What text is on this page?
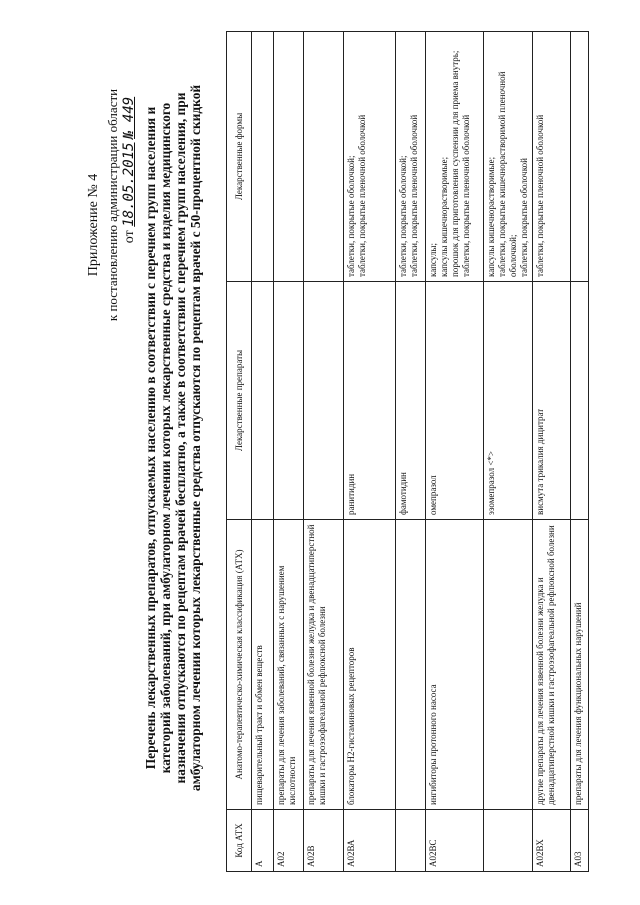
Приложение № 4 к постановлению администрации области от 18.05.2015 № 449 Перечень лекарственных препаратов, отпускаемых населению в соответствии с перечнем групп населения и категорий заболеваний, при амбулаторном лечении которых лекарственные средства и изделия медицинского назначения отпускаются по рецептам врачей бесплатно, а также в соответствии с перечнем групп населения, при амбулаторном лечении которых лекарственные средства отпускаются по рецептам врачей с 50-процентной скидкой
Код АТХ	Анатомо-терапевтическо-химическая классификация (АТХ)	Лекарственные препараты	Лекарственные формы
А	пищеварительный тракт и обмен веществ		
А02	препараты для лечения заболеваний, связанных с нарушением кислотности		
А02В	препараты для лечения язвенной болезни желудка и двенадцатиперстной кишки и гастроэзофагеальной рефлюксной болезни		
А02ВА	блокаторы Н2-гистаминовых рецепторов	ранитидин	таблетки, покрытые оболочкой; таблетки, покрытые пленочной оболочкой

		фамотидин	таблетки, покрытые оболочкой; таблетки, покрытые пленочной оболочкой

А02ВС	ингибиторы протонного насоса	омепразол	капсулы; капсулы кишечнорастворимые; порошок для приготовления суспензии для приема внутрь; таблетки, покрытые пленочной оболочкой

		эзомепразол <*>	капсулы кишечнорастворимые; таблетки, покрытые кишечнорастворимой пленочной оболочкой; таблетки, покрытые оболочкой

А02ВХ	другие препараты для лечения язвенной болезни желудка и двенадцатиперстной кишки и гастроэзофагеальной рефлюксной болезни	висмута трикалия дицитрат	таблетки, покрытые пленочной оболочкой

А03	препараты для лечения функциональных нарушений		
